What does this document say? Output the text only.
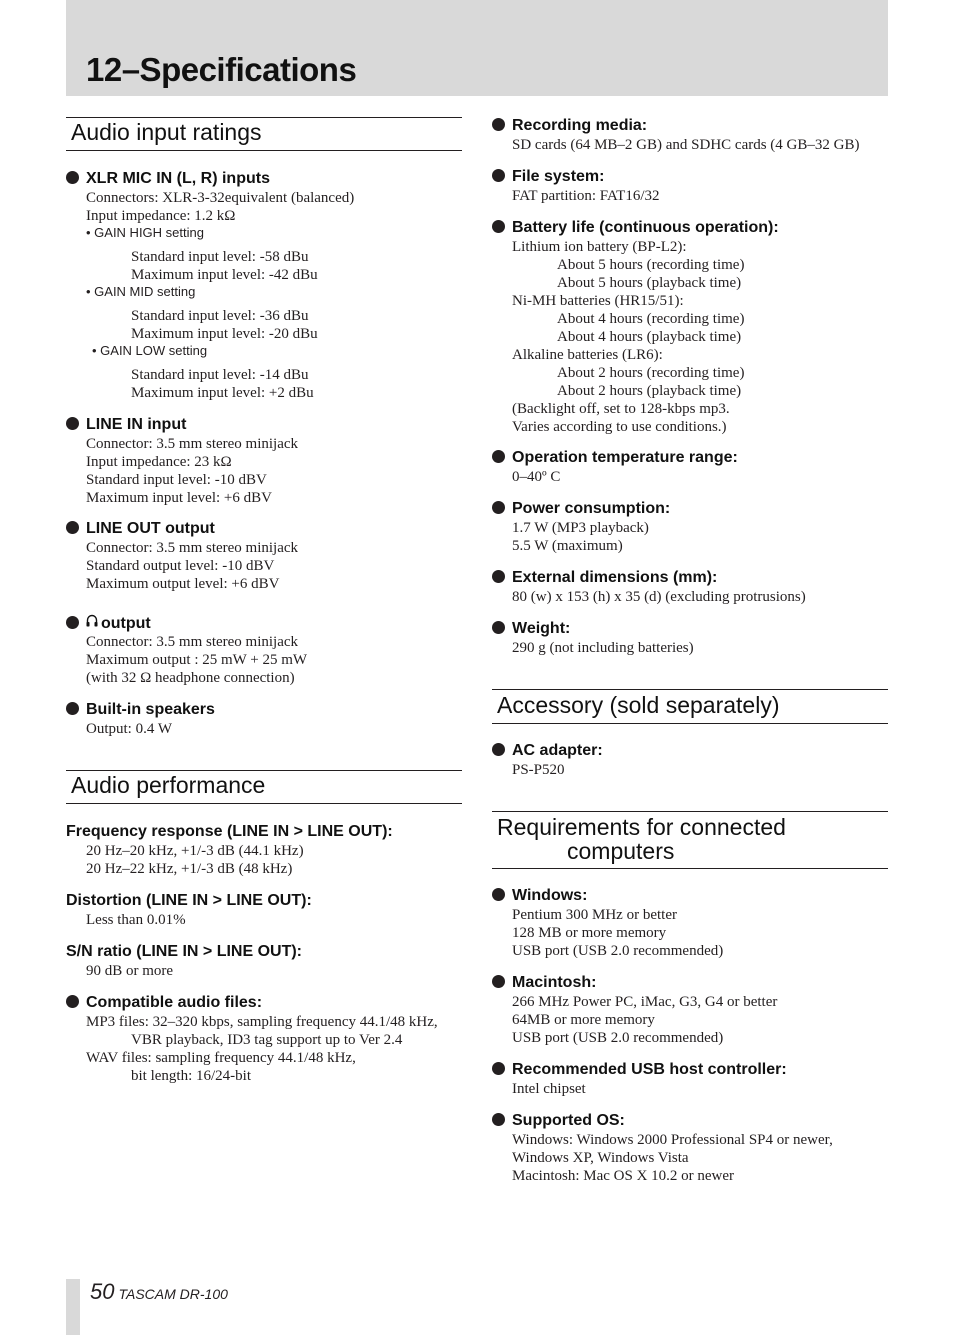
12–Specifications
Audio input ratings
XLR MIC IN (L, R) inputs
Connectors: XLR-3-32equivalent (balanced)
Input impedance: 1.2 kΩ
• GAIN HIGH setting
Standard input level: -58 dBu
Maximum input level: -42 dBu
• GAIN MID setting
Standard input level: -36 dBu
Maximum input level: -20 dBu
• GAIN LOW setting
Standard input level: -14 dBu
Maximum input level: +2 dBu
LINE IN input
Connector: 3.5 mm stereo minijack
Input impedance: 23 kΩ
Standard input level: -10 dBV
Maximum input level: +6 dBV
LINE OUT output
Connector: 3.5 mm stereo minijack
Standard output level: -10 dBV
Maximum output level: +6 dBV
output
Connector: 3.5 mm stereo minijack
Maximum output : 25 mW + 25 mW
(with 32 Ω headphone connection)
Built-in speakers
Output: 0.4 W
Audio performance
Frequency response (LINE IN > LINE OUT):
20 Hz–20 kHz, +1/-3 dB (44.1 kHz)
20 Hz–22 kHz, +1/-3 dB (48 kHz)
Distortion (LINE IN > LINE OUT):
Less than 0.01%
S/N ratio (LINE IN > LINE OUT):
90 dB or more
Compatible audio files:
MP3 files: 32–320 kbps, sampling frequency 44.1/48 kHz,
VBR playback, ID3 tag support up to Ver 2.4
WAV files: sampling frequency 44.1/48 kHz,
bit length: 16/24-bit
Recording media:
SD cards (64 MB–2 GB) and SDHC cards (4 GB–32 GB)
File system:
FAT partition: FAT16/32
Battery life (continuous operation):
Lithium ion battery (BP-L2):
About 5 hours (recording time)
About 5 hours (playback time)
Ni-MH batteries (HR15/51):
About 4 hours (recording time)
About 4 hours (playback time)
Alkaline batteries (LR6):
About 2 hours (recording time)
About 2 hours (playback time)
(Backlight off, set to 128-kbps mp3.
Varies according to use conditions.)
Operation temperature range:
0–40º C
Power consumption:
1.7 W (MP3 playback)
5.5 W (maximum)
External dimensions (mm):
80 (w) x 153 (h) x 35 (d) (excluding protrusions)
Weight:
290 g (not including batteries)
Accessory (sold separately)
AC adapter:
PS-P520
Requirements for connected
computers
Windows:
Pentium 300 MHz or better
128 MB or more memory
USB port (USB 2.0 recommended)
Macintosh:
266 MHz Power PC, iMac, G3, G4 or better
64MB or more memory
USB port (USB 2.0 recommended)
Recommended USB host controller:
Intel chipset
Supported OS:
Windows: Windows 2000 Professional SP4 or newer,
Windows XP, Windows Vista
Macintosh: Mac OS X 10.2 or newer
50 TASCAM DR-100
